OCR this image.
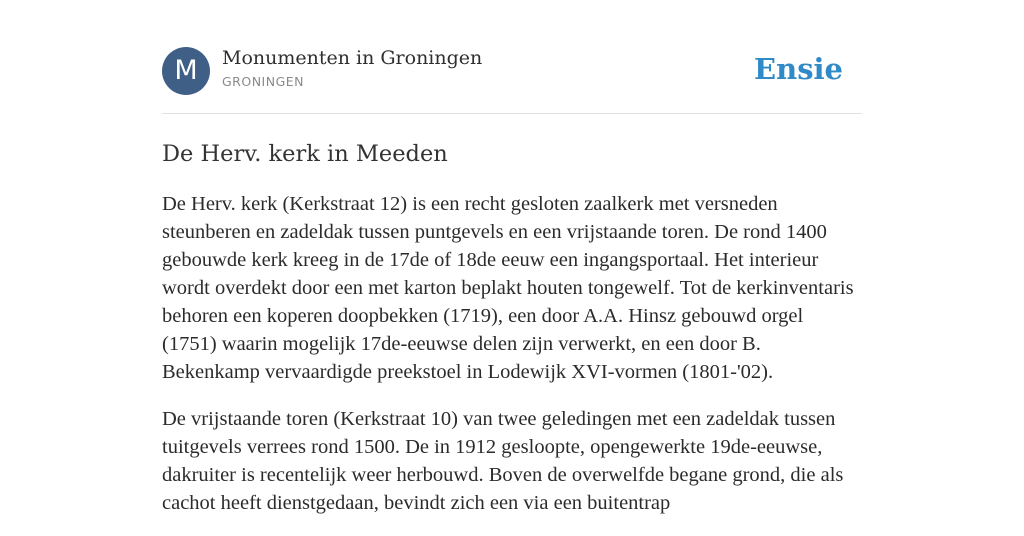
M	Monumenten in Groningen
GRONINGEN	Ensie
De Herv. kerk in Meeden

De Herv. kerk (Kerkstraat 12) is een recht gesloten zaalkerk met versneden steunberen en zadeldak tussen puntgevels en een vrijstaande toren. De rond 1400 gebouwde kerk kreeg in de 17de of 18de eeuw een ingangsportaal. Het interieur wordt overdekt door een met karton beplakt houten tongewelf. Tot de kerkinventaris behoren een koperen doopbekken (1719), een door A.A. Hinsz gebouwd orgel (1751) waarin mogelijk 17de-eeuwse delen zijn verwerkt, en een door B. Bekenkamp vervaardigde preekstoel in Lodewijk XVI-vormen (1801-'02).

De vrijstaande toren (Kerkstraat 10) van twee geledingen met een zadeldak tussen tuitgevels verrees rond 1500. De in 1912 gesloopte, opengewerkte 19de-eeuwse, dakruiter is recentelijk weer herbouwd. Boven de overwelfde begane grond, die als cachot heeft dienstgedaan, bevindt zich een via een buitentrap
